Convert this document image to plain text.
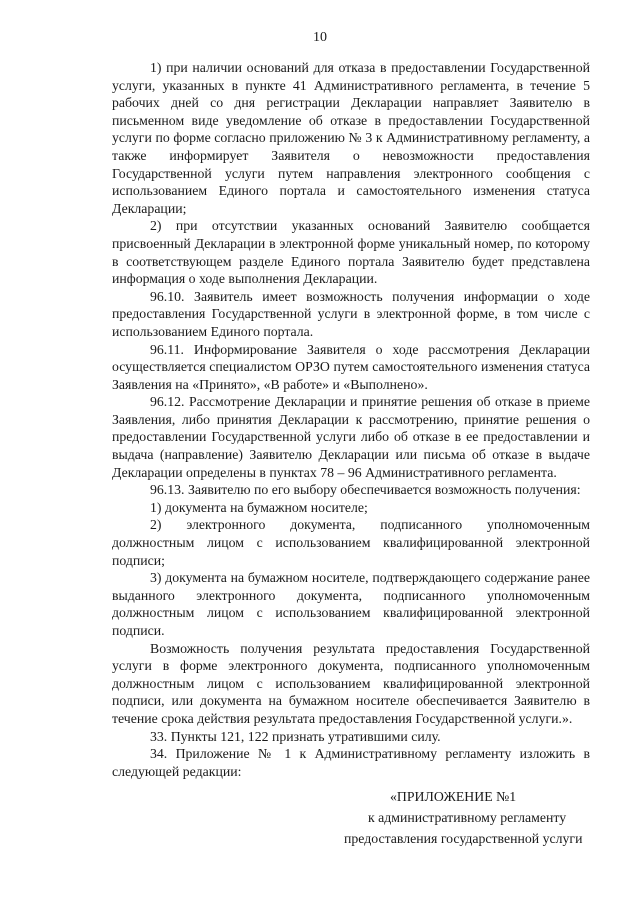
10

1) при наличии оснований для отказа в предоставлении Государственной услуги, указанных в пункте 41 Административного регламента, в течение 5 рабочих дней со дня регистрации Декларации направляет Заявителю в письменном виде уведомление об отказе в предоставлении Государственной услуги по форме согласно приложению № 3 к Административному регламенту, а также информирует Заявителя о невозможности предоставления Государственной услуги путем направления электронного сообщения с использованием Единого портала и самостоятельного изменения статуса Декларации;

2) при отсутствии указанных оснований Заявителю сообщается присвоенный Декларации в электронной форме уникальный номер, по которому в соответствующем разделе Единого портала Заявителю будет представлена информация о ходе выполнения Декларации.

96.10. Заявитель имеет возможность получения информации о ходе предоставления Государственной услуги в электронной форме, в том числе с использованием Единого портала.

96.11. Информирование Заявителя о ходе рассмотрения Декларации осуществляется специалистом ОРЗО путем самостоятельного изменения статуса Заявления на «Принято», «В работе» и «Выполнено».

96.12. Рассмотрение Декларации и принятие решения об отказе в приеме Заявления, либо принятия Декларации к рассмотрению, принятие решения о предоставлении Государственной услуги либо об отказе в ее предоставлении и выдача (направление) Заявителю Декларации или письма об отказе в выдаче Декларации определены в пунктах 78 – 96 Административного регламента.

96.13. Заявителю по его выбору обеспечивается возможность получения:

1) документа на бумажном носителе;

2) электронного документа, подписанного уполномоченным должностным лицом с использованием квалифицированной электронной подписи;

3) документа на бумажном носителе, подтверждающего содержание ранее выданного электронного документа, подписанного уполномоченным должностным лицом с использованием квалифицированной электронной подписи.

Возможность получения результата предоставления Государственной услуги в форме электронного документа, подписанного уполномоченным должностным лицом с использованием квалифицированной электронной подписи, или документа на бумажном носителе обеспечивается Заявителю в течение срока действия результата предоставления Государственной услуги.».

33. Пункты 121, 122 признать утратившими силу.

34. Приложение № 1 к Административному регламенту изложить в следующей редакции:

«ПРИЛОЖЕНИЕ №1
к административному регламенту
предоставления государственной услуги
